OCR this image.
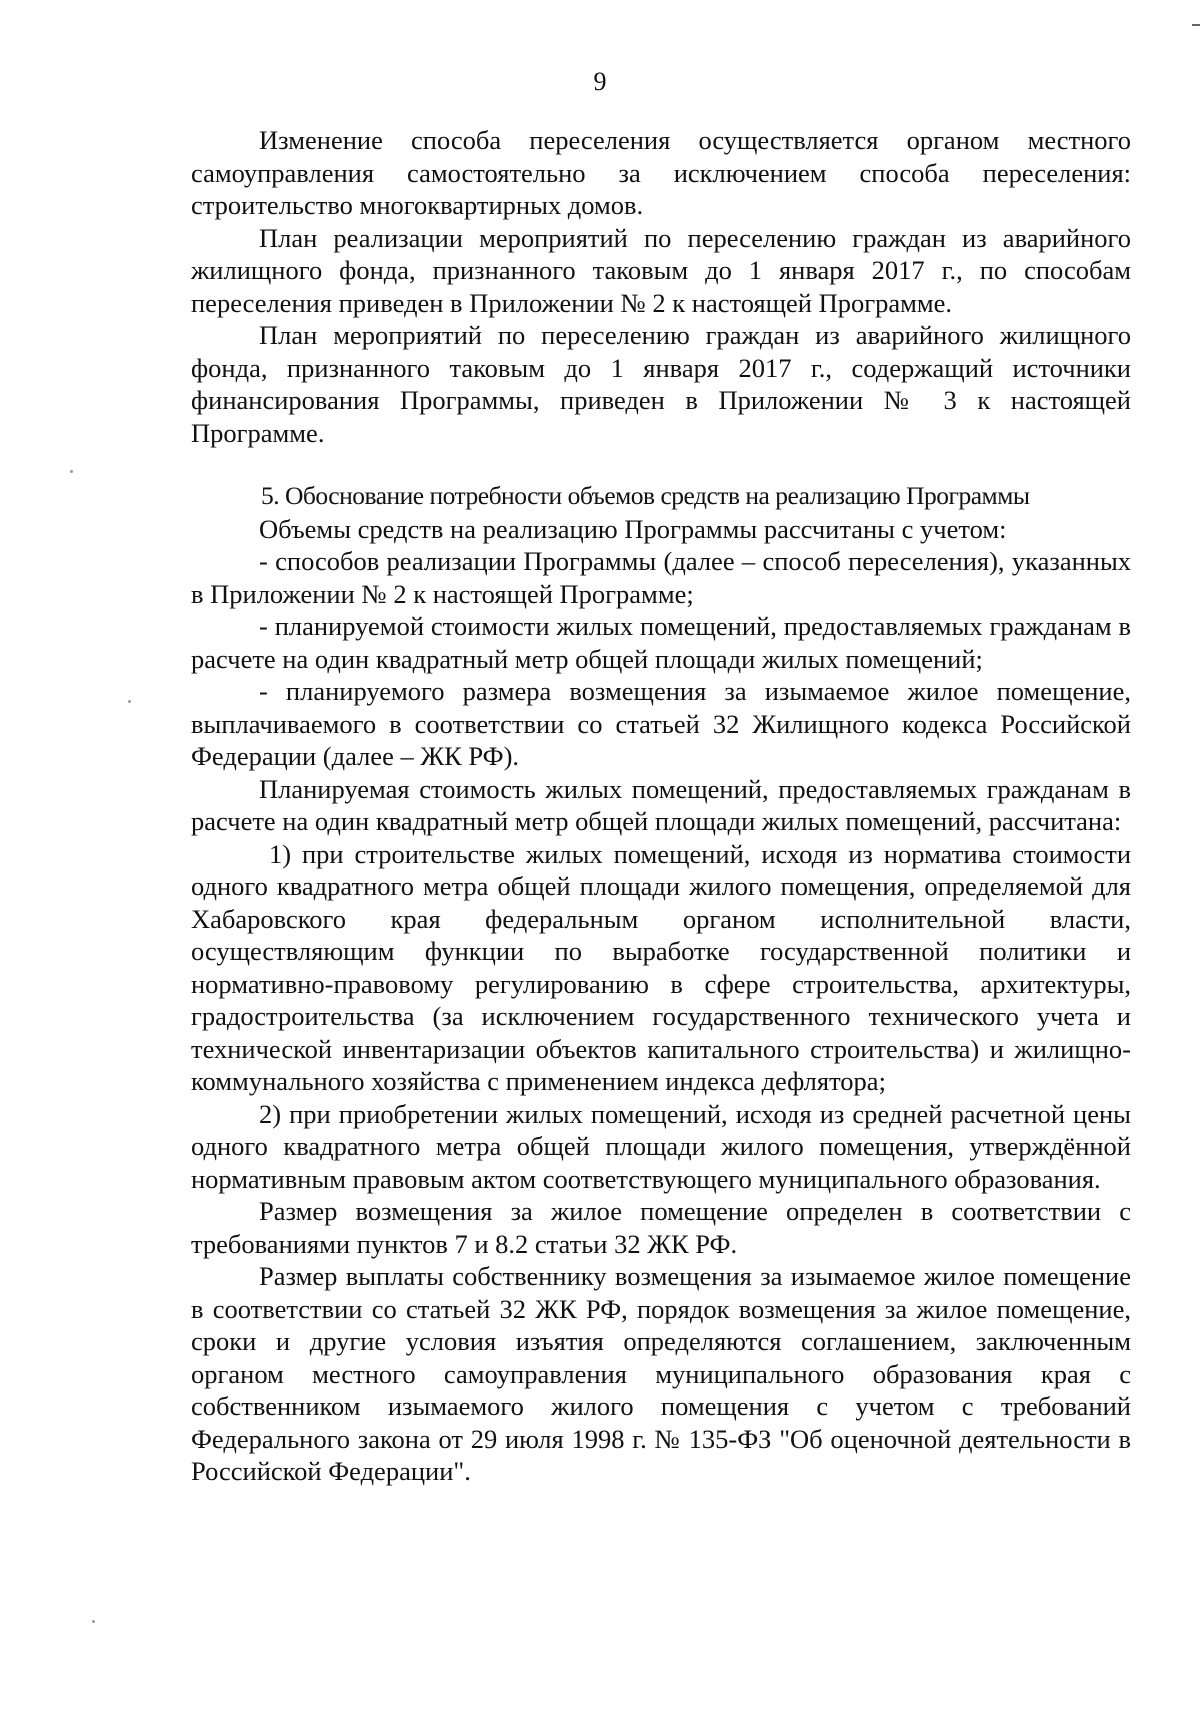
9

Изменение способа переселения осуществляется органом местного самоуправления самостоятельно за исключением способа переселения: строительство многоквартирных домов.

План реализации мероприятий по переселению граждан из аварийного жилищного фонда, признанного таковым до 1 января 2017 г., по способам переселения приведен в Приложении № 2 к настоящей Программе.

План мероприятий по переселению граждан из аварийного жилищного фонда, признанного таковым до 1 января 2017 г., содержащий источники финансирования Программы, приведен в Приложении № 3 к настоящей Программе.

5. Обоснование потребности объемов средств на реализацию Программы

Объемы средств на реализацию Программы рассчитаны с учетом:

- способов реализации Программы (далее – способ переселения), указанных в Приложении № 2 к настоящей Программе;

- планируемой стоимости жилых помещений, предоставляемых гражданам в расчете на один квадратный метр общей площади жилых помещений;

- планируемого размера возмещения за изымаемое жилое помещение, выплачиваемого в соответствии со статьей 32 Жилищного кодекса Российской Федерации (далее – ЖК РФ).

Планируемая стоимость жилых помещений, предоставляемых гражданам в расчете на один квадратный метр общей площади жилых помещений, рассчитана:

1) при строительстве жилых помещений, исходя из норматива стоимости одного квадратного метра общей площади жилого помещения, определяемой для Хабаровского края федеральным органом исполнительной власти, осуществляющим функции по выработке государственной политики и нормативно-правовому регулированию в сфере строительства, архитектуры, градостроительства (за исключением государственного технического учета и технической инвентаризации объектов капитального строительства) и жилищно-коммунального хозяйства с применением индекса дефлятора;

2) при приобретении жилых помещений, исходя из средней расчетной цены одного квадратного метра общей площади жилого помещения, утверждённой нормативным правовым актом соответствующего муниципального образования.

Размер возмещения за жилое помещение определен в соответствии с требованиями пунктов 7 и 8.2 статьи 32 ЖК РФ.

Размер выплаты собственнику возмещения за изымаемое жилое помещение в соответствии со статьей 32 ЖК РФ, порядок возмещения за жилое помещение, сроки и другие условия изъятия определяются соглашением, заключенным органом местного самоуправления муниципального образования края с собственником изымаемого жилого помещения с учетом с требований Федерального закона от 29 июля 1998 г. № 135-ФЗ "Об оценочной деятельности в Российской Федерации".
